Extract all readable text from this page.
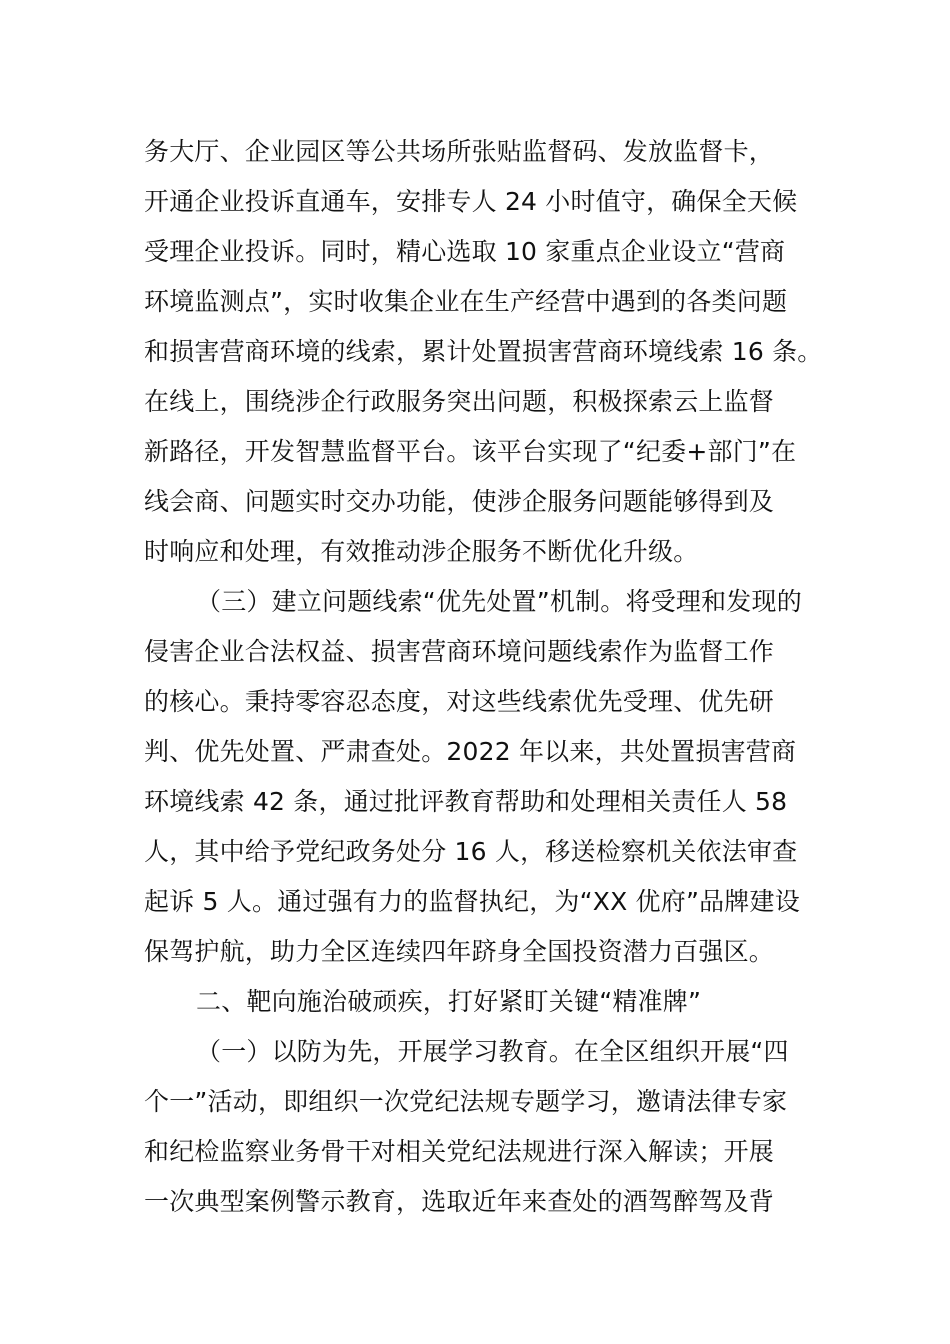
务大厅、企业园区等公共场所张贴监督码、发放监督卡，
开通企业投诉直通车，安排专人 24 小时值守，确保全天候
受理企业投诉。同时，精心选取 10 家重点企业设立“营商
环境监测点”，实时收集企业在生产经营中遇到的各类问题
和损害营商环境的线索，累计处置损害营商环境线索 16 条。
在线上，围绕涉企行政服务突出问题，积极探索云上监督
新路径，开发智慧监督平台。该平台实现了“纪委+部门”在
线会商、问题实时交办功能，使涉企服务问题能够得到及
时响应和处理，有效推动涉企服务不断优化升级。
（三）建立问题线索“优先处置”机制。将受理和发现的
侵害企业合法权益、损害营商环境问题线索作为监督工作
的核心。秉持零容忍态度，对这些线索优先受理、优先研
判、优先处置、严肃查处。2022 年以来，共处置损害营商
环境线索 42 条，通过批评教育帮助和处理相关责任人 58
人，其中给予党纪政务处分 16 人，移送检察机关依法审查
起诉 5 人。通过强有力的监督执纪，为“XX 优府”品牌建设
保驾护航，助力全区连续四年跻身全国投资潜力百强区。
二、靶向施治破顽疾，打好紧盯关键“精准牌”
（一）以防为先，开展学习教育。在全区组织开展“四
个一”活动，即组织一次党纪法规专题学习，邀请法律专家
和纪检监察业务骨干对相关党纪法规进行深入解读；开展
一次典型案例警示教育，选取近年来查处的酒驾醉驾及背
